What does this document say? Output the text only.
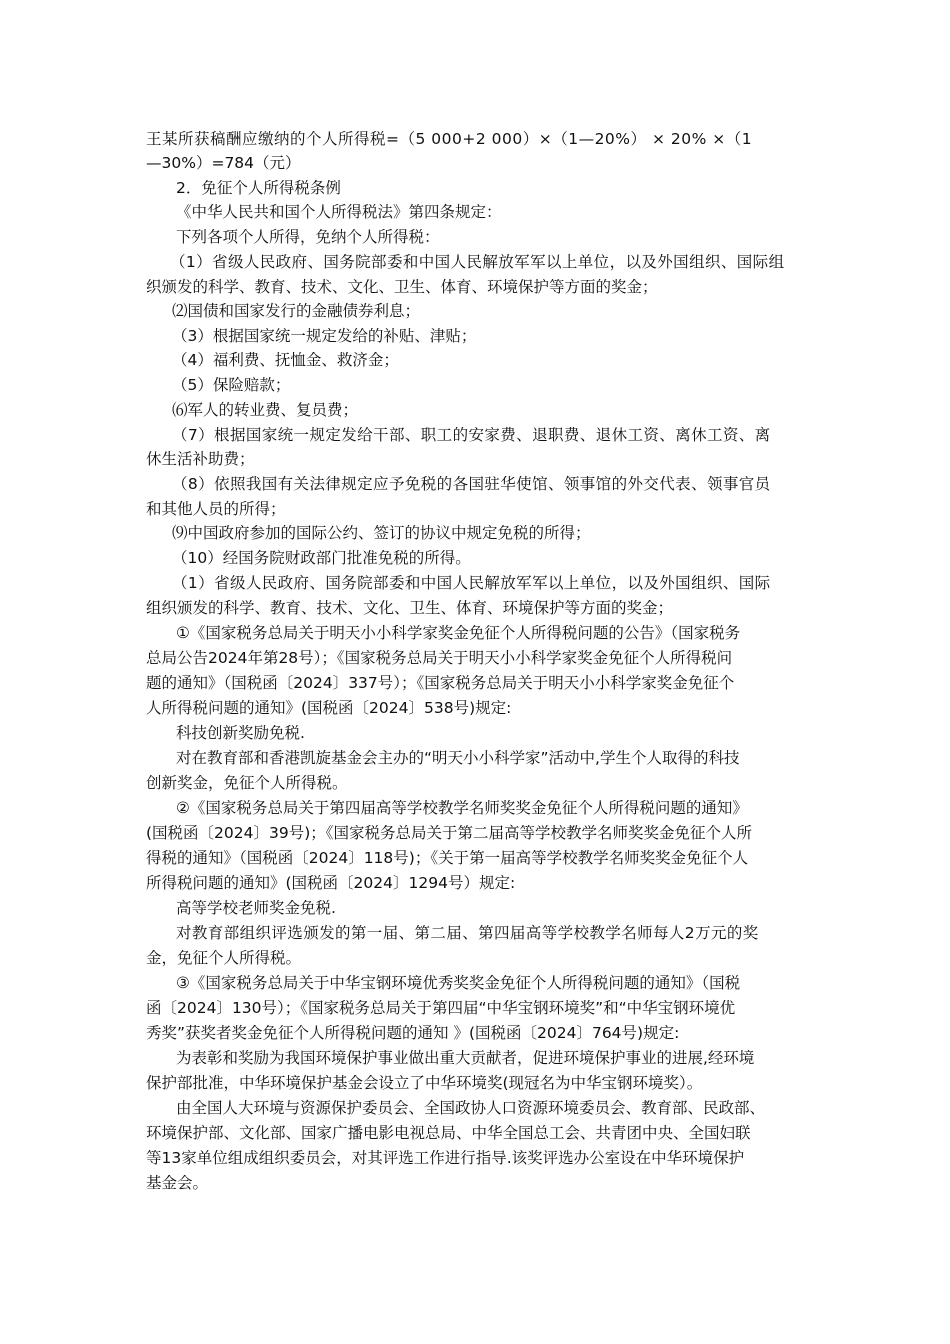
王某所获稿酬应缴纳的个人所得税=（5 000+2 000）×（1—20%） × 20% ×（1
—30%）=784（元）
2．免征个人所得税条例
《中华人民共和国个人所得税法》第四条规定：
下列各项个人所得，免纳个人所得税：
（1）省级人民政府、国务院部委和中国人民解放军军以上单位，以及外国组织、国际组
织颁发的科学、教育、技术、文化、卫生、体育、环境保护等方面的奖金；
⑵国债和国家发行的金融债券利息；
（3）根据国家统一规定发给的补贴、津贴；
（4）福利费、抚恤金、救济金；
（5）保险赔款；
⑹军人的转业费、复员费；
（7）根据国家统一规定发给干部、职工的安家费、退职费、退休工资、离休工资、离
休生活补助费；
（8）依照我国有关法律规定应予免税的各国驻华使馆、领事馆的外交代表、领事官员
和其他人员的所得；
⑼中国政府参加的国际公约、签订的协议中规定免税的所得；
（10）经国务院财政部门批准免税的所得。
（1）省级人民政府、国务院部委和中国人民解放军军以上单位，以及外国组织、国际
组织颁发的科学、教育、技术、文化、卫生、体育、环境保护等方面的奖金；
①《国家税务总局关于明天小小科学家奖金免征个人所得税问题的公告》（国家税务
总局公告2024年第28号）；《国家税务总局关于明天小小科学家奖金免征个人所得税问
题的通知》（国税函〔2024〕337号）；《国家税务总局关于明天小小科学家奖金免征个
人所得税问题的通知》(国税函〔2024〕538号)规定:
科技创新奖励免税.
对在教育部和香港凯旋基金会主办的“明天小小科学家”活动中,学生个人取得的科技
创新奖金，免征个人所得税。
②《国家税务总局关于第四届高等学校教学名师奖奖金免征个人所得税问题的通知》
(国税函〔2024〕39号)；《国家税务总局关于第二届高等学校教学名师奖奖金免征个人所
得税的通知》（国税函〔2024〕118号)；《关于第一届高等学校教学名师奖奖金免征个人
所得税问题的通知》(国税函〔2024〕1294号）规定:
高等学校老师奖金免税.
对教育部组织评选颁发的第一届、第二届、第四届高等学校教学名师每人2万元的奖
金，免征个人所得税。
③《国家税务总局关于中华宝钢环境优秀奖奖金免征个人所得税问题的通知》（国税
函〔2024〕130号）；《国家税务总局关于第四届“中华宝钢环境奖”和“中华宝钢环境优
秀奖”获奖者奖金免征个人所得税问题的通知 》(国税函〔2024〕764号)规定:
为表彰和奖励为我国环境保护事业做出重大贡献者，促进环境保护事业的进展,经环境
保护部批准，中华环境保护基金会设立了中华环境奖(现冠名为中华宝钢环境奖）。
由全国人大环境与资源保护委员会、全国政协人口资源环境委员会、教育部、民政部、
环境保护部、文化部、国家广播电影电视总局、中华全国总工会、共青团中央、全国妇联
等13家单位组成组织委员会，对其评选工作进行指导.该奖评选办公室设在中华环境保护
基金会。
